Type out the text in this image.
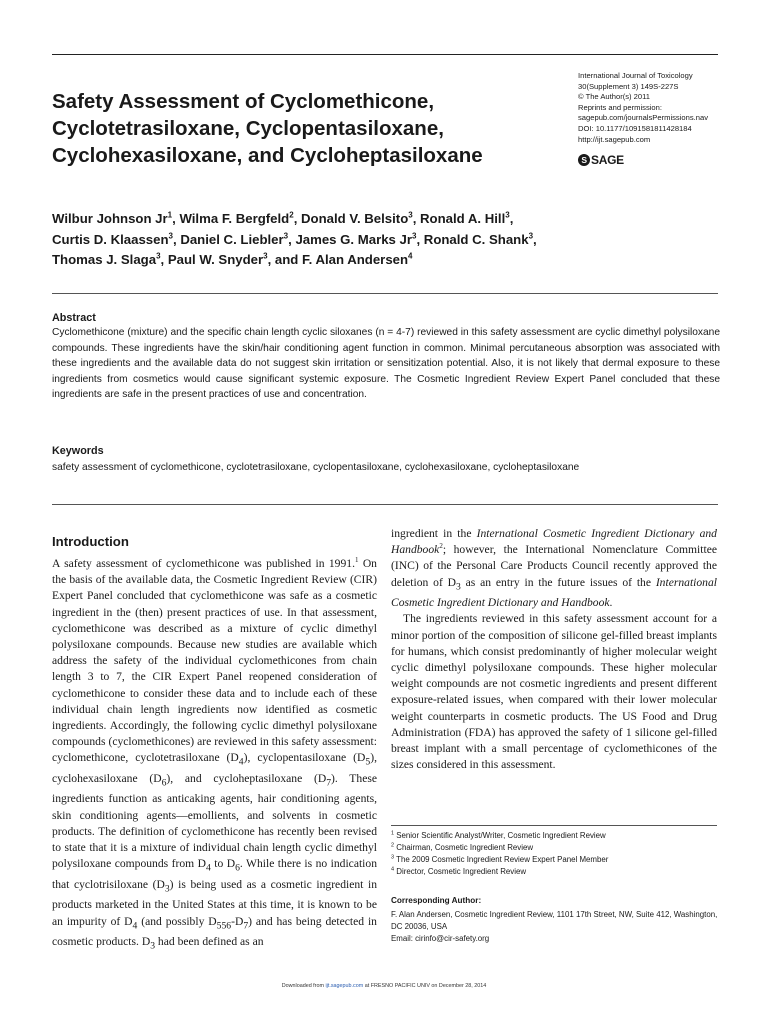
Safety Assessment of Cyclomethicone, Cyclotetrasiloxane, Cyclopentasiloxane, Cyclohexasiloxane, and Cycloheptasiloxane
International Journal of Toxicology
30(Supplement 3) 149S-227S
© The Author(s) 2011
Reprints and permission:
sagepub.com/journalsPermissions.nav
DOI: 10.1177/1091581811428184
http://ijt.sagepub.com
S SAGE
Wilbur Johnson Jr$^1$, Wilma F. Bergfeld$^2$, Donald V. Belsito$^3$, Ronald A. Hill$^3$,
Curtis D. Klaassen$^3$, Daniel C. Liebler$^3$, James G. Marks Jr$^3$, Ronald C. Shank$^3$,
Thomas J. Slaga$^3$, Paul W. Snyder$^3$, and F. Alan Andersen$^4$
Abstract
Cyclomethicone (mixture) and the specific chain length cyclic siloxanes (n = 4-7) reviewed in this safety assessment are cyclic dimethyl polysiloxane compounds. These ingredients have the skin/hair conditioning agent function in common. Minimal percutaneous absorption was associated with these ingredients and the available data do not suggest skin irritation or sensitization potential. Also, it is not likely that dermal exposure to these ingredients from cosmetics would cause significant systemic exposure. The Cosmetic Ingredient Review Expert Panel concluded that these ingredients are safe in the present practices of use and concentration.
Keywords
safety assessment of cyclomethicone, cyclotetrasiloxane, cyclopentasiloxane, cyclohexasiloxane, cycloheptasiloxane
Introduction

A safety assessment of cyclomethicone was published in 1991.$^1$ On the basis of the available data, the Cosmetic Ingredient Review (CIR) Expert Panel concluded that cyclomethicone was safe as a cosmetic ingredient in the (then) present practices of use. In that assessment, cyclomethicone was described as a mixture of cyclic dimethyl polysiloxane compounds. Because new studies are available which address the safety of the individual cyclomethicones from chain length 3 to 7, the CIR Expert Panel reopened consideration of cyclomethicone to consider these data and to include each of these individual chain length ingredients now identified as cosmetic ingredients. Accordingly, the following cyclic dimethyl polysiloxane compounds (cyclomethicones) are reviewed in this safety assessment: cyclomethicone, cyclotetrasiloxane $(D_4)$, cyclopentasiloxane $(D_5)$, cyclohexasiloxane $(D_6)$, and cycloheptasiloxane $(D_7)$. These ingredients function as anticaking agents, hair conditioning agents, skin conditioning agents—emollients, and solvents in cosmetic products. The definition of cyclomethicone has recently been revised to state that it is a mixture of individual chain length cyclic dimethyl polysiloxane compounds from $D_4$ to $D_6$. While there is no indication that cyclotrisiloxane $(D_3)$ is being used as a cosmetic ingredient in products marketed in the United States at this time, it is known to be an impurity of $D_4$ (and possibly $D_{556}-D_7$) and has being detected in cosmetic products. $D_3$ had been defined as an

ingredient in the International Cosmetic Ingredient Dictionary and Handbook$^2$; however, the International Nomenclature Committee (INC) of the Personal Care Products Council recently approved the deletion of $D_3$ as an entry in the future issues of the International Cosmetic Ingredient Dictionary and Handbook.

The ingredients reviewed in this safety assessment account for a minor portion of the composition of silicone gel-filled breast implants for humans, which consist predominantly of higher molecular weight cyclic dimethyl polysiloxane compounds. These higher molecular weight compounds are not cosmetic ingredients and present different exposure-related issues, when compared with their lower molecular weight counterparts in cosmetic products. The US Food and Drug Administration (FDA) has approved the safety of 1 silicone gel-filled breast implant with a small percentage of cyclomethicones of the sizes considered in this assessment.

$^1$ Senior Scientific Analyst/Writer, Cosmetic Ingredient Review
$^2$ Chairman, Cosmetic Ingredient Review
$^3$ The 2009 Cosmetic Ingredient Review Expert Panel Member
$^4$ Director, Cosmetic Ingredient Review
Corresponding Author:
F. Alan Andersen, Cosmetic Ingredient Review, 1101 17th Street, NW, Suite 412, Washington, DC 20036, USA
Email: cirinfo@cir-safety.org
Downloaded from ijt.sagepub.com at FRESNO PACIFIC UNIV on December 28, 2014
